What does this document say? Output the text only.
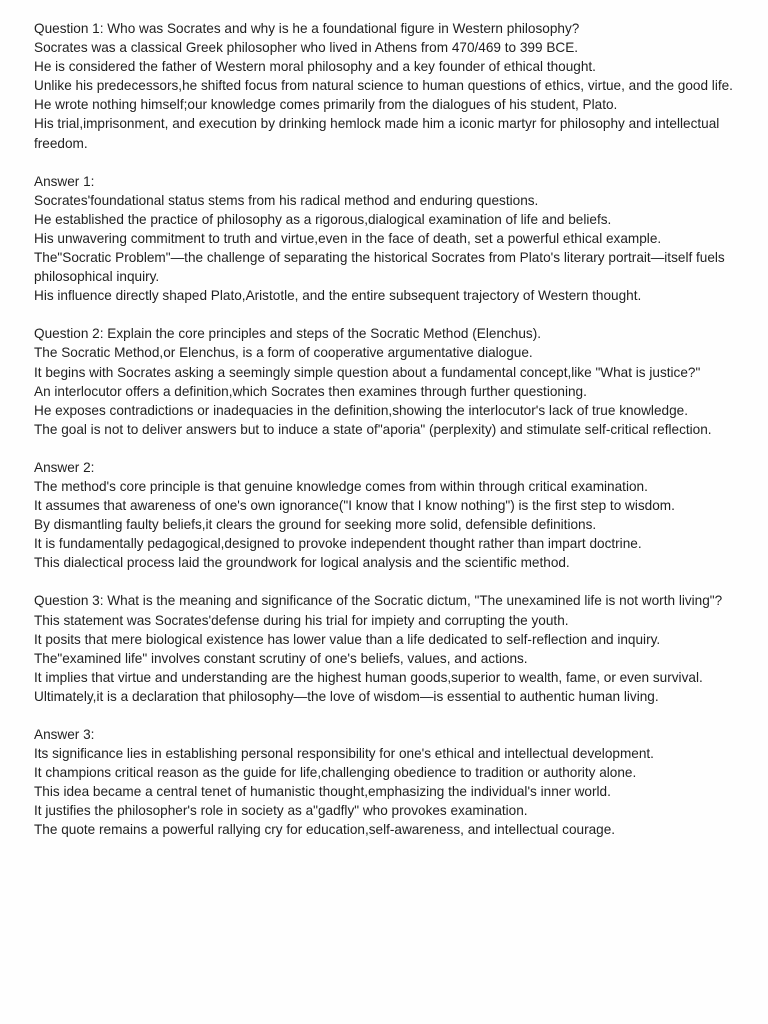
Question 1: Who was Socrates and why is he a foundational figure in Western philosophy?
Socrates was a classical Greek philosopher who lived in Athens from 470/469 to 399 BCE.
He is considered the father of Western moral philosophy and a key founder of ethical thought.
Unlike his predecessors,he shifted focus from natural science to human questions of ethics, virtue, and the good life.
He wrote nothing himself;our knowledge comes primarily from the dialogues of his student, Plato.
His trial,imprisonment, and execution by drinking hemlock made him a iconic martyr for philosophy and intellectual freedom.
Answer 1:
Socrates'foundational status stems from his radical method and enduring questions.
He established the practice of philosophy as a rigorous,dialogical examination of life and beliefs.
His unwavering commitment to truth and virtue,even in the face of death, set a powerful ethical example.
The"Socratic Problem"—the challenge of separating the historical Socrates from Plato's literary portrait—itself fuels philosophical inquiry.
His influence directly shaped Plato,Aristotle, and the entire subsequent trajectory of Western thought.
Question 2: Explain the core principles and steps of the Socratic Method (Elenchus).
The Socratic Method,or Elenchus, is a form of cooperative argumentative dialogue.
It begins with Socrates asking a seemingly simple question about a fundamental concept,like "What is justice?"
An interlocutor offers a definition,which Socrates then examines through further questioning.
He exposes contradictions or inadequacies in the definition,showing the interlocutor's lack of true knowledge.
The goal is not to deliver answers but to induce a state of"aporia" (perplexity) and stimulate self-critical reflection.
Answer 2:
The method's core principle is that genuine knowledge comes from within through critical examination.
It assumes that awareness of one's own ignorance("I know that I know nothing") is the first step to wisdom.
By dismantling faulty beliefs,it clears the ground for seeking more solid, defensible definitions.
It is fundamentally pedagogical,designed to provoke independent thought rather than impart doctrine.
This dialectical process laid the groundwork for logical analysis and the scientific method.
Question 3: What is the meaning and significance of the Socratic dictum, "The unexamined life is not worth living"?
This statement was Socrates'defense during his trial for impiety and corrupting the youth.
It posits that mere biological existence has lower value than a life dedicated to self-reflection and inquiry.
The"examined life" involves constant scrutiny of one's beliefs, values, and actions.
It implies that virtue and understanding are the highest human goods,superior to wealth, fame, or even survival.
Ultimately,it is a declaration that philosophy—the love of wisdom—is essential to authentic human living.
Answer 3:
Its significance lies in establishing personal responsibility for one's ethical and intellectual development.
It champions critical reason as the guide for life,challenging obedience to tradition or authority alone.
This idea became a central tenet of humanistic thought,emphasizing the individual's inner world.
It justifies the philosopher's role in society as a"gadfly" who provokes examination.
The quote remains a powerful rallying cry for education,self-awareness, and intellectual courage.
